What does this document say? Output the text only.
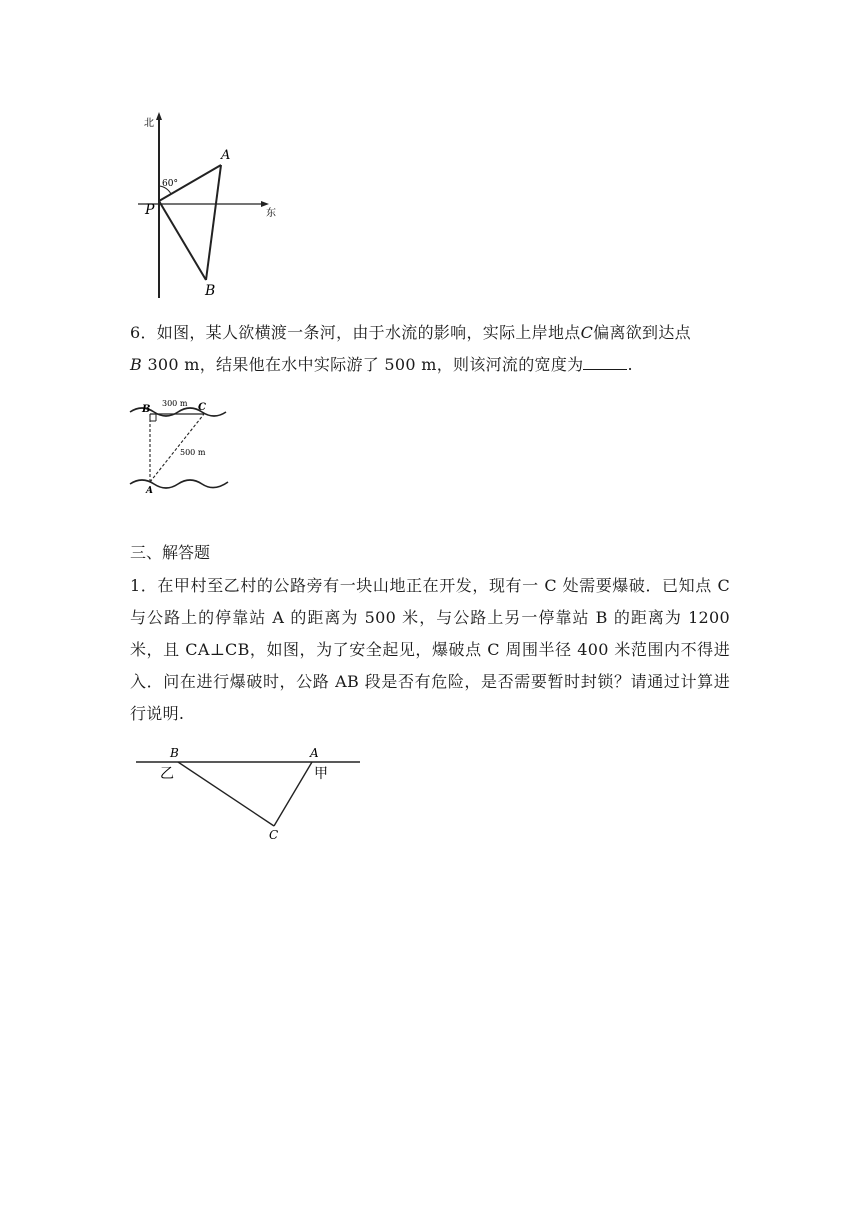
北
东
P
A
B
60°
6．如图，某人欲横渡一条河，由于水流的影响，实际上岸地点C偏离欲到达点
B 300 m，结果他在水中实际游了 500 m，则该河流的宽度为	.
B	C
A
300 m
500 m
三、解答题
1．在甲村至乙村的公路旁有一块山地正在开发，现有一 C 处需要爆破．已知点 C 与公路上的停靠站 A 的距离为 500 米，与公路上另一停靠站 B 的距离为 1200 米，且 CA⊥CB，如图，为了安全起见，爆破点 C 周围半径 400 米范围内不得进入．问在进行爆破时，公路 AB 段是否有危险，是否需要暂时封锁？请通过计算进行说明.
B	A
C
乙	甲
